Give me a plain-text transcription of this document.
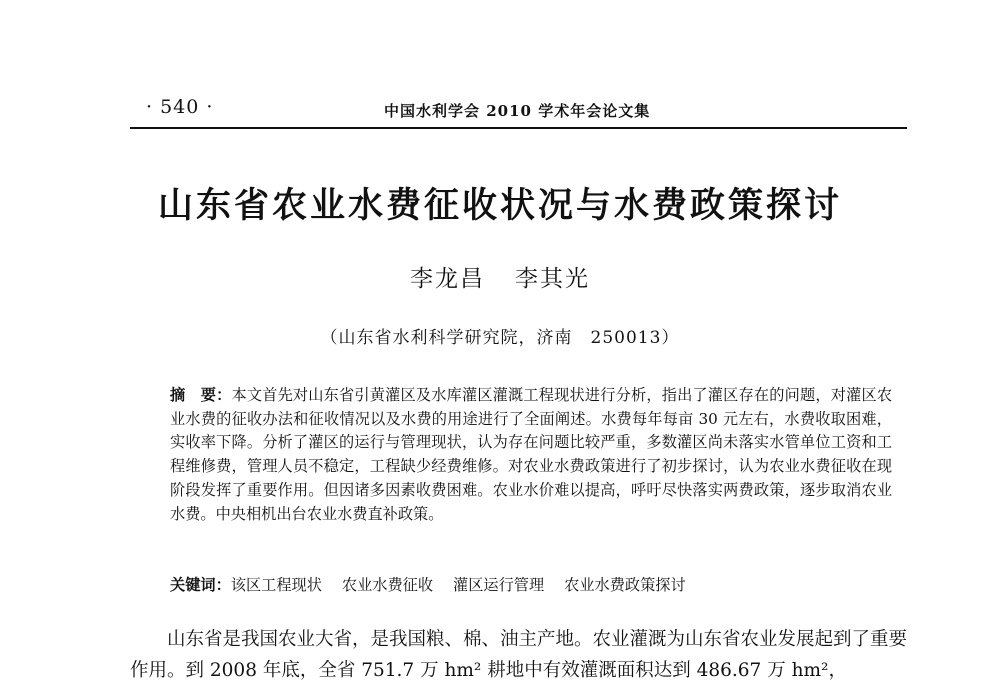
· 540 ·	中国水利学会 2010 学术年会论文集
山东省农业水费征收状况与水费政策探讨
李龙昌 李其光
（山东省水利科学研究院，济南　250013）
摘　要：本文首先对山东省引黄灌区及水库灌区灌溉工程现状进行分析，指出了灌区存在的问题，对灌区农业水费的征收办法和征收情况以及水费的用途进行了全面阐述。水费每年每亩 30 元左右，水费收取困难，实收率下降。分析了灌区的运行与管理现状，认为存在问题比较严重，多数灌区尚未落实水管单位工资和工程维修费，管理人员不稳定，工程缺少经费维修。对农业水费政策进行了初步探讨，认为农业水费征收在现阶段发挥了重要作用。但因诸多因素收费困难。农业水价难以提高，呼吁尽快落实两费政策，逐步取消农业水费。中央相机出台农业水费直补政策。
关键词：该区工程现状 农业水费征收 灌区运行管理 农业水费政策探讨
山东省是我国农业大省，是我国粮、棉、油主产地。农业灌溉为山东省农业发展起到了重要作用。到 2008 年底，全省 751.7 万 hm² 耕地中有效灌溉面积达到 486.67 万 hm²，
